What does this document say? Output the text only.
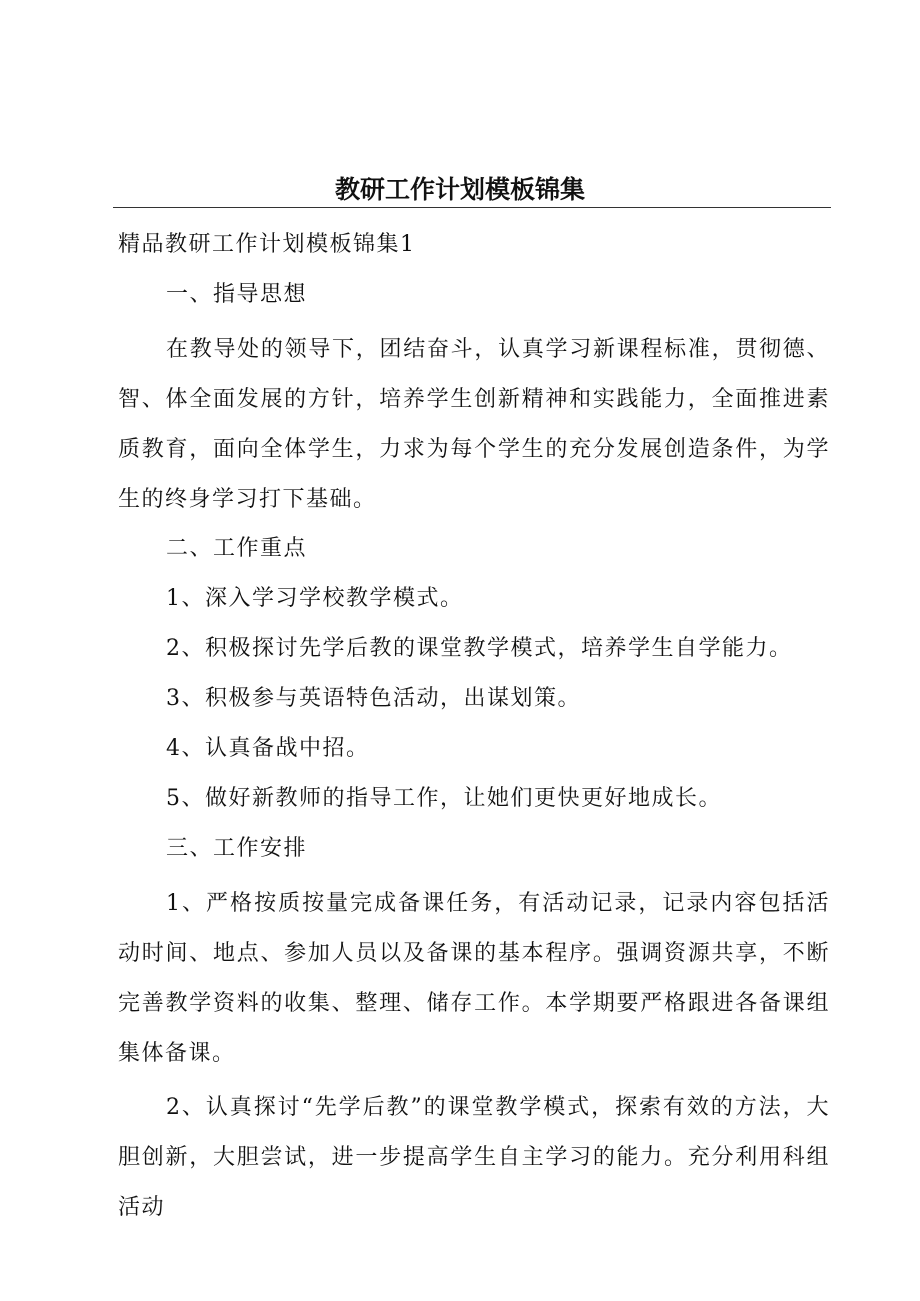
教研工作计划模板锦集
精品教研工作计划模板锦集1
一、指导思想

在教导处的领导下，团结奋斗，认真学习新课程标准，贯彻德、智、体全面发展的方针，培养学生创新精神和实践能力，全面推进素质教育，面向全体学生，力求为每个学生的充分发展创造条件，为学生的终身学习打下基础。

二、工作重点
1、深入学习学校教学模式。
2、积极探讨先学后教的课堂教学模式，培养学生自学能力。
3、积极参与英语特色活动，出谋划策。
4、认真备战中招。
5、做好新教师的指导工作，让她们更快更好地成长。
三、工作安排

1、严格按质按量完成备课任务，有活动记录，记录内容包括活动时间、地点、参加人员以及备课的基本程序。强调资源共享，不断完善教学资料的收集、整理、储存工作。本学期要严格跟进各备课组集体备课。

2、认真探讨“先学后教”的课堂教学模式，探索有效的方法，大胆创新，大胆尝试，进一步提高学生自主学习的能力。充分利用科组活动
